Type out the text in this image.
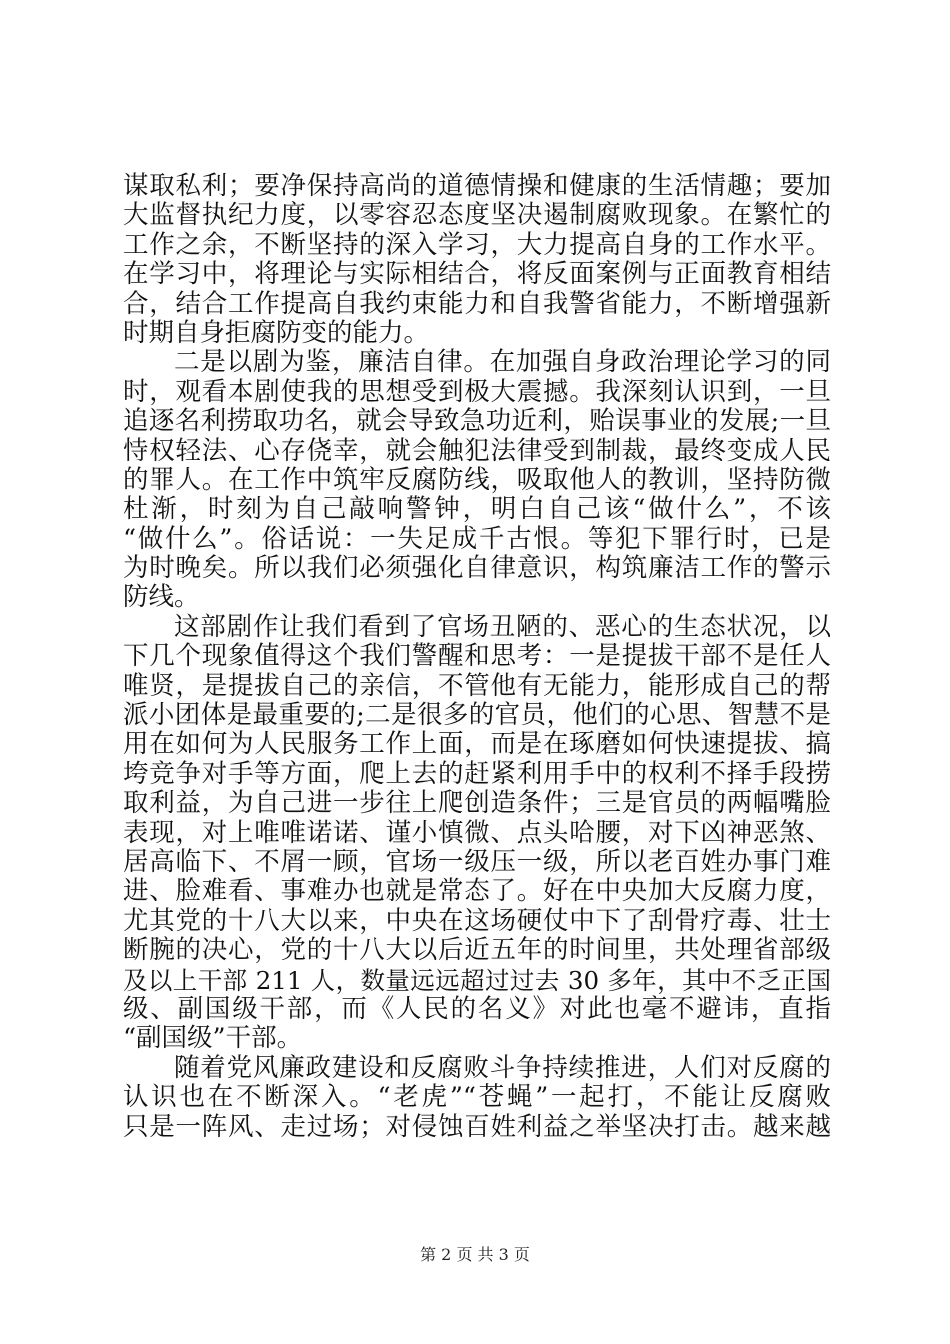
谋取私利；要净保持高尚的道德情操和健康的生活情趣；要加
大监督执纪力度，以零容忍态度坚决遏制腐败现象。在繁忙的
工作之余，不断坚持的深入学习，大力提高自身的工作水平。
在学习中，将理论与实际相结合，将反面案例与正面教育相结
合，结合工作提高自我约束能力和自我警省能力，不断增强新
时期自身拒腐防变的能力。
二是以剧为鉴，廉洁自律。在加强自身政治理论学习的同
时，观看本剧使我的思想受到极大震撼。我深刻认识到，一旦
追逐名利捞取功名，就会导致急功近利，贻误事业的发展;一旦
恃权轻法、心存侥幸，就会触犯法律受到制裁，最终变成人民
的罪人。在工作中筑牢反腐防线，吸取他人的教训，坚持防微
杜渐，时刻为自己敲响警钟，明白自己该“做什么”，不该
“做什么”。俗话说：一失足成千古恨。等犯下罪行时，已是
为时晚矣。所以我们必须强化自律意识，构筑廉洁工作的警示
防线。
这部剧作让我们看到了官场丑陋的、恶心的生态状况，以
下几个现象值得这个我们警醒和思考：一是提拔干部不是任人
唯贤，是提拔自己的亲信，不管他有无能力，能形成自己的帮
派小团体是最重要的;二是很多的官员，他们的心思、智慧不是
用在如何为人民服务工作上面，而是在琢磨如何快速提拔、搞
垮竞争对手等方面，爬上去的赶紧利用手中的权利不择手段捞
取利益，为自己进一步往上爬创造条件；三是官员的两幅嘴脸
表现，对上唯唯诺诺、谨小慎微、点头哈腰，对下凶神恶煞、
居高临下、不屑一顾，官场一级压一级，所以老百姓办事门难
进、脸难看、事难办也就是常态了。好在中央加大反腐力度，
尤其党的十八大以来，中央在这场硬仗中下了刮骨疗毒、壮士
断腕的决心，党的十八大以后近五年的时间里，共处理省部级
及以上干部 211 人，数量远远超过过去 30 多年，其中不乏正国
级、副国级干部，而《人民的名义》对此也毫不避讳，直指
“副国级”干部。
随着党风廉政建设和反腐败斗争持续推进，人们对反腐的
认识也在不断深入。“老虎”“苍蝇”一起打，不能让反腐败
只是一阵风、走过场；对侵蚀百姓利益之举坚决打击。越来越
第 2 页 共 3 页
